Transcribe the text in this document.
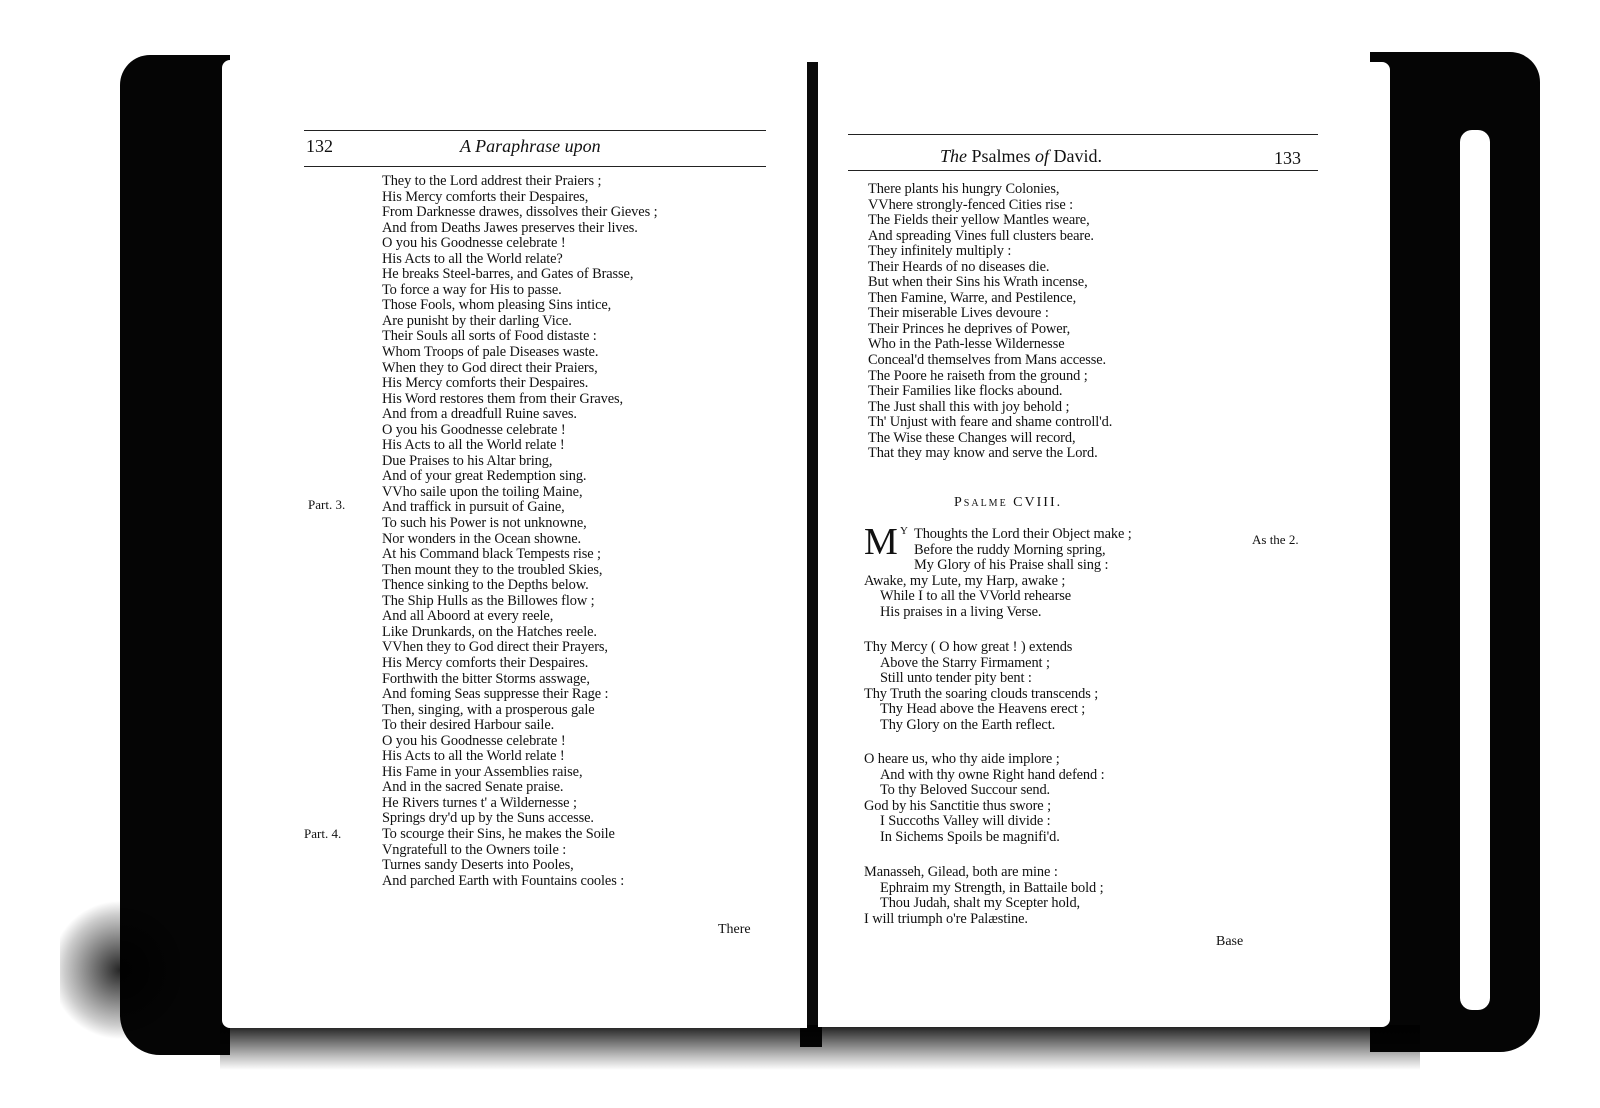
132	A Paraphrase upon
Part. 3.
Part. 4.
They to the Lord addrest their Praiers ;
His Mercy comforts their Despaires,
From Darknesse drawes, dissolves their Gieves ;
And from Deaths Jawes preserves their lives.
O you his Goodnesse celebrate !
His Acts to all the World relate?
He breaks Steel-barres, and Gates of Brasse,
To force a way for His to passe.
Those Fools, whom pleasing Sins intice,
Are punisht by their darling Vice.
Their Souls all sorts of Food distaste :
Whom Troops of pale Diseases waste.
When they to God direct their Praiers,
His Mercy comforts their Despaires.
His Word restores them from their Graves,
And from a dreadfull Ruine saves.
O you his Goodnesse celebrate !
His Acts to all the World relate !
Due Praises to his Altar bring,
And of your great Redemption sing.
VVho saile upon the toiling Maine,
And traffick in pursuit of Gaine,
To such his Power is not unknowne,
Nor wonders in the Ocean showne.
At his Command black Tempests rise ;
Then mount they to the troubled Skies,
Thence sinking to the Depths below.
The Ship Hulls as the Billowes flow ;
And all Aboord at every reele,
Like Drunkards, on the Hatches reele.
VVhen they to God direct their Prayers,
His Mercy comforts their Despaires.
Forthwith the bitter Storms asswage,
And foming Seas suppresse their Rage :
Then, singing, with a prosperous gale
To their desired Harbour saile.
O you his Goodnesse celebrate !
His Acts to all the World relate !
His Fame in your Assemblies raise,
And in the sacred Senate praise.
He Rivers turnes t' a Wildernesse ;
Springs dry'd up by the Suns accesse.
To scourge their Sins, he makes the Soile
Vngratefull to the Owners toile :
Turnes sandy Deserts into Pooles,
And parched Earth with Fountains cooles :
There
The Psalmes of David.	133
There plants his hungry Colonies,
VVhere strongly-fenced Cities rise :
The Fields their yellow Mantles weare,
And spreading Vines full clusters beare.
They infinitely multiply :
Their Heards of no diseases die.
But when their Sins his Wrath incense,
Then Famine, Warre, and Pestilence,
Their miserable Lives devoure :
Their Princes he deprives of Power,
Who in the Path-lesse Wildernesse
Conceal'd themselves from Mans accesse.
The Poore he raiseth from the ground ;
Their Families like flocks abound.
The Just shall this with joy behold ;
Th' Unjust with feare and shame controll'd.
The Wise these Changes will record,
That they may know and serve the Lord.
Psalme CVIII.
As the 2.
M Y Thoughts the Lord their Object make ;
Before the ruddy Morning spring,
My Glory of his Praise shall sing :
Awake, my Lute, my Harp, awake ;
While I to all the VVorld rehearse
His praises in a living Verse.
Thy Mercy ( O how great ! ) extends
Above the Starry Firmament ;
Still unto tender pity bent :
Thy Truth the soaring clouds transcends ;
Thy Head above the Heavens erect ;
Thy Glory on the Earth reflect.
O heare us, who thy aide implore ;
And with thy owne Right hand defend :
To thy Beloved Succour send.
God by his Sanctitie thus swore ;
I Succoths Valley will divide :
In Sichems Spoils be magnifi'd.
Manasseh, Gilead, both are mine :
Ephraim my Strength, in Battaile bold ;
Thou Judah, shalt my Scepter hold,
I will triumph o're Palæstine.
Base
